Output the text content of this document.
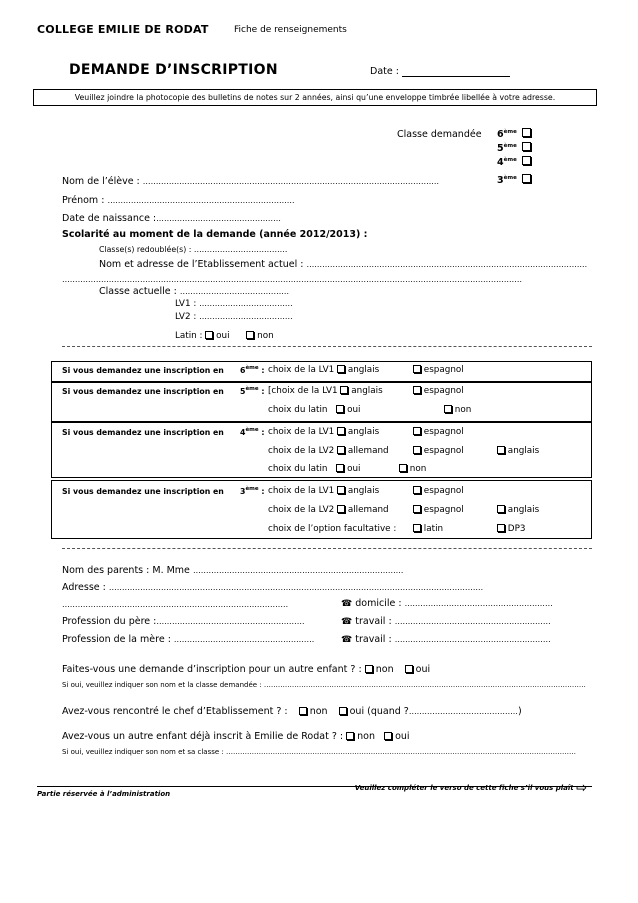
COLLEGE EMILIE DE RODAT	Fiche de renseignements
DEMANDE D’INSCRIPTION	Date :
Veuillez joindre la photocopie des bulletins de notes sur 2 années, ainsi qu’une enveloppe timbrée libellée à votre adresse.
Classe demandée 6ème
5ème
4ème
3ème
Nom de l’élève : ……………………………………………………………………………………………………
Prénom : ………………………………………………………………
Date de naissance :…………………………………………
Scolarité au moment de la demande (année 2012/2013) :
Classe(s) redoublée(s) : ………………………………
Nom et adresse de l’Etablissement actuel : ………………………………………………………………………………………………
……………………………………………………………………………………………………………………………………………………………
Classe actuelle : ……………………………………
LV1 : ………………………………
LV2 : ………………………………
Latin : oui	non
Si vous demandez une inscription en 6ème : choix de la LV1 anglais	espagnol
Si vous demandez une inscription en 5ème : [choix de la LV1 anglais	espagnol
choix du latin oui	non
Si vous demandez une inscription en 4ème : choix de la LV1 anglais	espagnol
choix de la LV2 allemand	espagnol	anglais
choix du latin oui	non
Si vous demandez une inscription en 3ème : choix de la LV1 anglais	espagnol
choix de la LV2 allemand	espagnol	anglais
choix de l’option facultative :	latin	DP3
Nom des parents : M. Mme ………………………………………………………………………
Adresse : ………………………………………………………………………………………………………………………………
……………………………………………………………………………	☎ domicile : …………………………………………………
Profession du père :…………………………………………………	☎ travail : ……………………………………………………
Profession de la mère : ………………………………………………	☎ travail : ……………………………………………………
Faites-vous une demande d’inscription pour un autre enfant ? : non oui
Si oui, veuillez indiquer son nom et la classe demandée : …………………………………………………………………………………………………………………………
Avez-vous rencontré le chef d’Etablissement ? : non oui (quand ?……………………………………)
Avez-vous un autre enfant déjà inscrit à Emilie de Rodat ? : non oui
Si oui, veuillez indiquer son nom et sa classe : ……………………………………………………………………………………………………………………………………
Veuillez compléter le verso de cette fiche s’il vous plaît ⇨
Partie réservée à l’administration
